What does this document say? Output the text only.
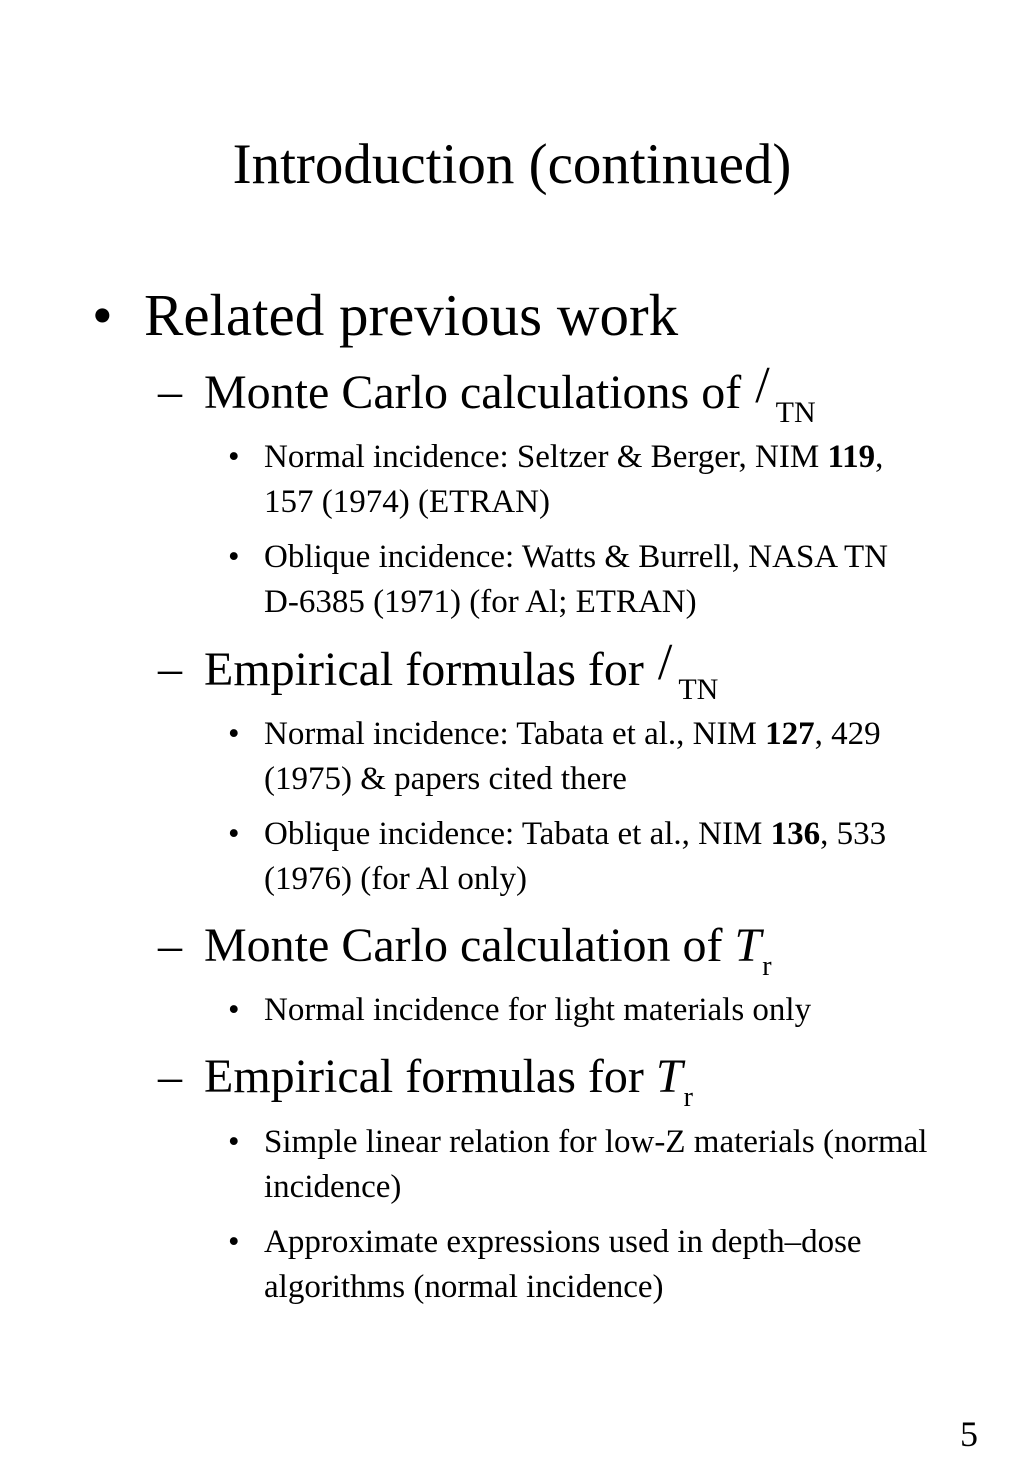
Introduction (continued)
• Related previous work
– Monte Carlo calculations of / $_{TN}$
• Normal incidence: Seltzer & Berger, NIM 119, 157 (1974) (ETRAN)
• Oblique incidence: Watts & Burrell, NASA TN D-6385 (1971) (for Al; ETRAN)
– Empirical formulas for / $_{TN}$
• Normal incidence: Tabata et al., NIM 127, 429 (1975) & papers cited there
• Oblique incidence: Tabata et al., NIM 136, 533 (1976) (for Al only)
– Monte Carlo calculation of $T_r$
• Normal incidence for light materials only
– Empirical formulas for $T_r$
• Simple linear relation for low-Z materials (normal incidence)
• Approximate expressions used in depth–dose algorithms (normal incidence)
5
